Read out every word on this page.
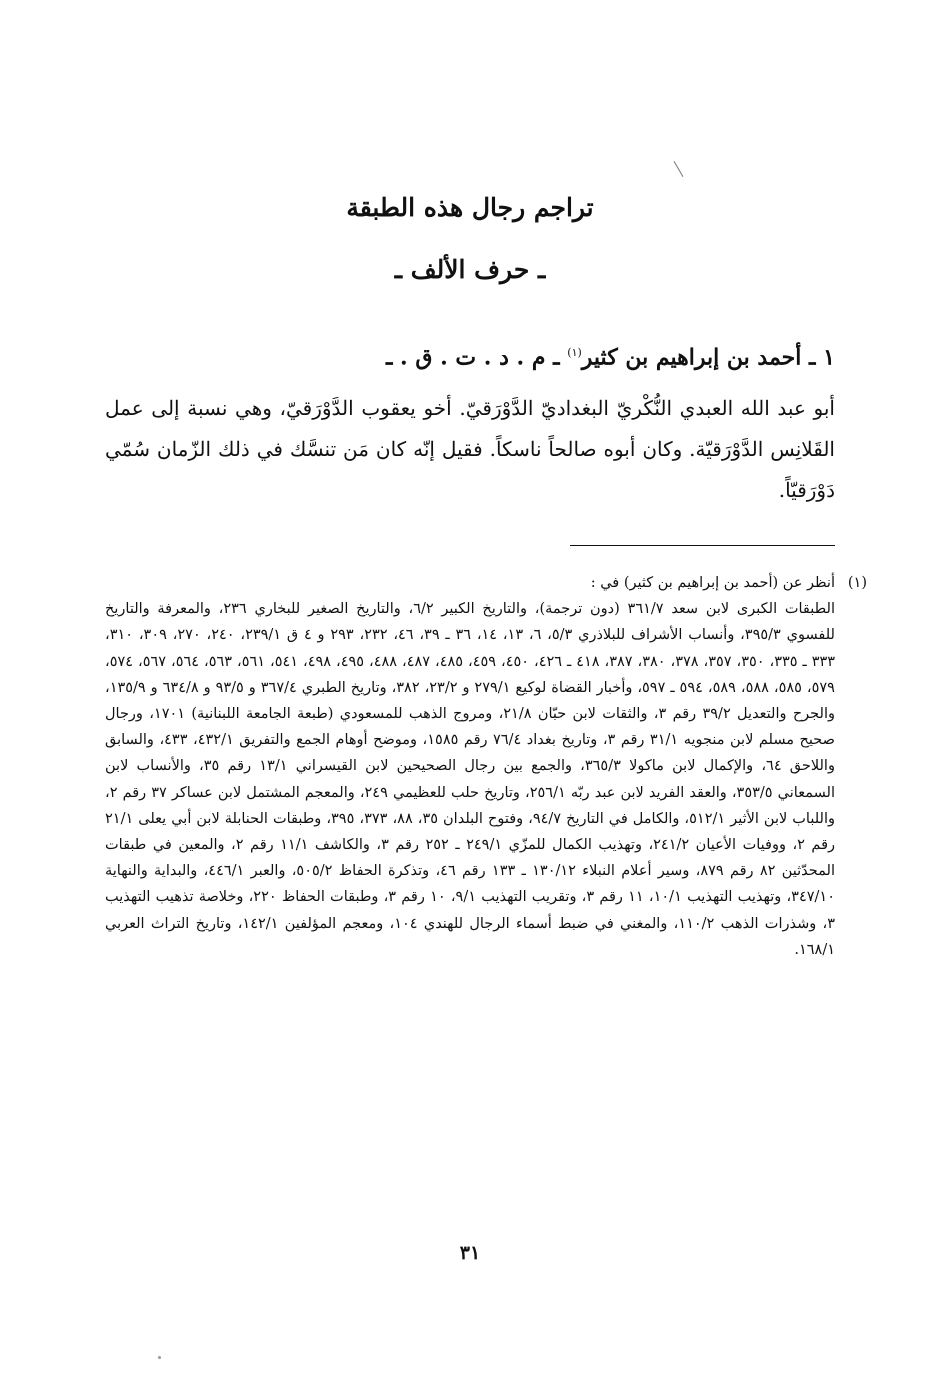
تراجم رجال هذه الطبقة
ـ حرف الألف ـ
١ ـ أحمد بن إبراهيم بن كثير$^{(١)}$ ـ م . د . ت . ق . ـ

أبو عبد الله العبدي النُّكْريّ البغداديّ الدَّوْرَقيّ. أخو يعقوب الدَّوْرَقيّ، وهي نسبة إلى عمل القَلانِس الدَّوْرَقيّة. وكان أبوه صالحاً ناسكاً. فقيل إنّه كان مَن تنسَّك في ذلك الزّمان سُمّي دَوْرَقيّاً.

(١)
أنظر عن (أحمد بن إبراهيم بن كثير) في :
الطبقات الكبرى لابن سعد ٣٦١/٧ (دون ترجمة)، والتاريخ الكبير ٦/٢، والتاريخ الصغير للبخاري ٢٣٦، والمعرفة والتاريخ للفسوي ٣٩٥/٣، وأنساب الأشراف للبلاذري ٥/٣، ٦، ١٣، ١٤، ٣٦ ـ ٣٩، ٤٦، ٢٣٢، ٢٩٣ و ٤ ق ٢٣٩/١، ٢٤٠، ٢٧٠، ٣٠٩، ٣١٠، ٣٣٣ ـ ٣٣٥، ٣٥٠، ٣٥٧، ٣٧٨، ٣٨٠، ٣٨٧، ٤١٨ ـ ٤٢٦، ٤٥٠، ٤٥٩، ٤٨٥، ٤٨٧، ٤٨٨، ٤٩٥، ٤٩٨، ٥٤١، ٥٦١، ٥٦٣، ٥٦٤، ٥٦٧، ٥٧٤، ٥٧٩، ٥٨٥، ٥٨٨، ٥٨٩، ٥٩٤ ـ ٥٩٧، وأخبار القضاة لوكيع ٢٧٩/١ و ٢٣/٢، ٣٨٢، وتاريخ الطبري ٣٦٧/٤ و ٩٣/٥ و ٦٣٤/٨ و ١٣٥/٩، والجرح والتعديل ٣٩/٢ رقم ٣، والثقات لابن حبّان ٢١/٨، ومروج الذهب للمسعودي (طبعة الجامعة اللبنانية) ١٧٠١، ورجال صحيح مسلم لابن منجويه ٣١/١ رقم ٣، وتاريخ بغداد ٧٦/٤ رقم ١٥٨٥، وموضح أوهام الجمع والتفريق ٤٣٢/١، ٤٣٣، والسابق واللاحق ٦٤، والإكمال لابن ماكولا ٣٦٥/٣، والجمع بين رجال الصحيحين لابن القيسراني ١٣/١ رقم ٣٥، والأنساب لابن السمعاني ٣٥٣/٥، والعقد الفريد لابن عبد ربّه ٢٥٦/١، وتاريخ حلب للعظيمي ٢٤٩، والمعجم المشتمل لابن عساكر ٣٧ رقم ٢، واللباب لابن الأثير ٥١٢/١، والكامل في التاريخ ٩٤/٧، وفتوح البلدان ٣٥، ٨٨، ٣٧٣، ٣٩٥، وطبقات الحنابلة لابن أبي يعلى ٢١/١ رقم ٢، ووفيات الأعيان ٢٤١/٢، وتهذيب الكمال للمزّي ٢٤٩/١ ـ ٢٥٢ رقم ٣، والكاشف ١١/١ رقم ٢، والمعين في طبقات المحدّثين ٨٢ رقم ٨٧٩، وسير أعلام النبلاء ١٣٠/١٢ ـ ١٣٣ رقم ٤٦، وتذكرة الحفاظ ٥٠٥/٢، والعبر ٤٤٦/١، والبداية والنهاية ٣٤٧/١٠، وتهذيب التهذيب ١٠/١، ١١ رقم ٣، وتقريب التهذيب ٩/١، ١٠ رقم ٣، وطبقات الحفاظ ٢٢٠، وخلاصة تذهيب التهذيب ٣، وشذرات الذهب ١١٠/٢، والمغني في ضبط أسماء الرجال للهندي ١٠٤، ومعجم المؤلفين ١٤٢/١، وتاريخ التراث العربي ١٦٨/١.
٣١
